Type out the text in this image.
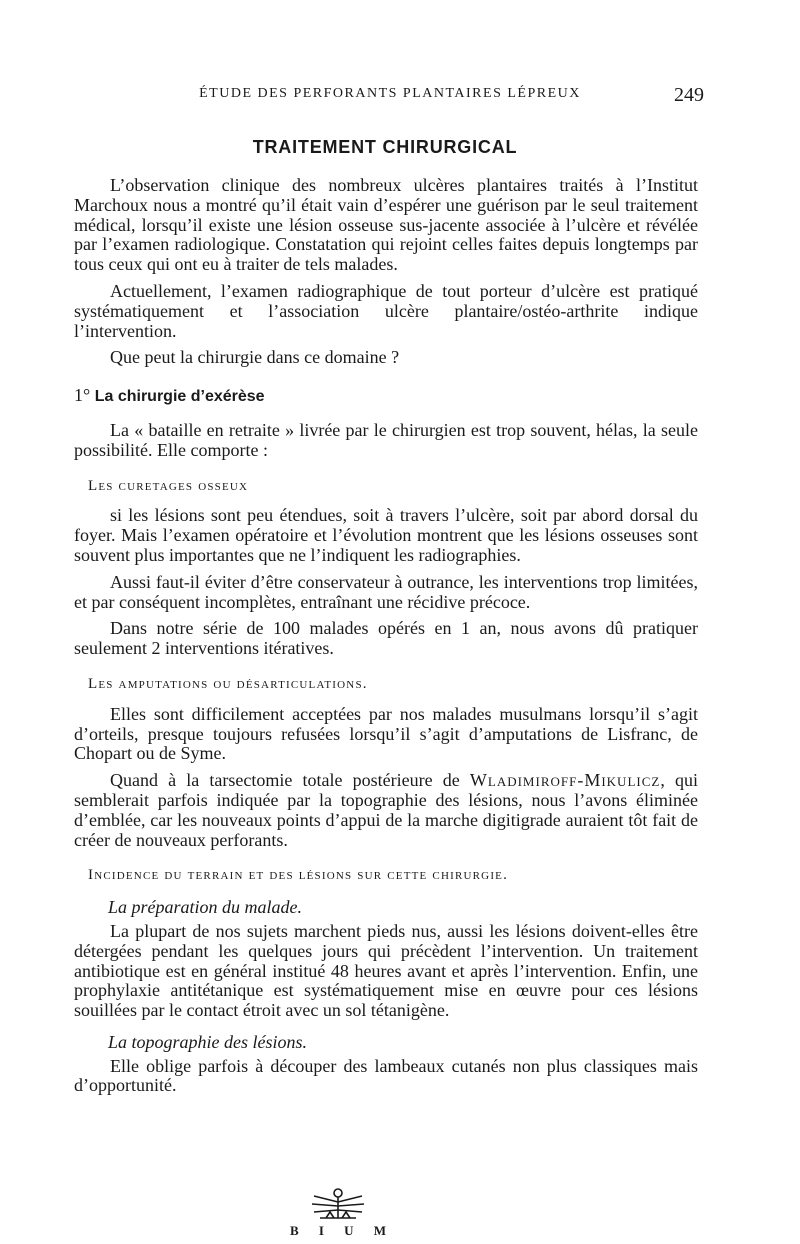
ÉTUDE DES PERFORANTS PLANTAIRES LÉPREUX	249
TRAITEMENT CHIRURGICAL

L’observation clinique des nombreux ulcères plantaires traités à l’Institut Marchoux nous a montré qu’il était vain d’espérer une guérison par le seul traitement médical, lorsqu’il existe une lésion osseuse sus-jacente associée à l’ulcère et révélée par l’examen radiologique. Constatation qui rejoint celles faites depuis longtemps par tous ceux qui ont eu à traiter de tels malades.

Actuellement, l’examen radiographique de tout porteur d’ulcère est pratiqué systématiquement et l’association ulcère plantaire/ostéo-arthrite indique l’intervention.

Que peut la chirurgie dans ce domaine ?

1° La chirurgie d’exérèse

La « bataille en retraite » livrée par le chirurgien est trop souvent, hélas, la seule possibilité. Elle comporte :

Les curetages osseux

si les lésions sont peu étendues, soit à travers l’ulcère, soit par abord dorsal du foyer. Mais l’examen opératoire et l’évolution montrent que les lésions osseuses sont souvent plus importantes que ne l’indiquent les radiographies.

Aussi faut-il éviter d’être conservateur à outrance, les interventions trop limitées, et par conséquent incomplètes, entraînant une récidive précoce.

Dans notre série de 100 malades opérés en 1 an, nous avons dû pratiquer seulement 2 interventions itératives.

Les amputations ou désarticulations.

Elles sont difficilement acceptées par nos malades musulmans lorsqu’il s’agit d’orteils, presque toujours refusées lorsqu’il s’agit d’amputations de Lisfranc, de Chopart ou de Syme.

Quand à la tarsectomie totale postérieure de Wladimiroff-Mikulicz, qui semblerait parfois indiquée par la topographie des lésions, nous l’avons éliminée d’emblée, car les nouveaux points d’appui de la marche digitigrade auraient tôt fait de créer de nouveaux perforants.

Incidence du terrain et des lésions sur cette chirurgie.
La préparation du malade.

La plupart de nos sujets marchent pieds nus, aussi les lésions doivent-elles être détergées pendant les quelques jours qui précèdent l’intervention. Un traitement antibiotique est en général institué 48 heures avant et après l’intervention. Enfin, une prophylaxie antitétanique est systématiquement mise en œuvre pour ces lésions souillées par le contact étroit avec un sol tétanigène.

La topographie des lésions.

Elle oblige parfois à découper des lambeaux cutanés non plus classiques mais d’opportunité.

B I U M
